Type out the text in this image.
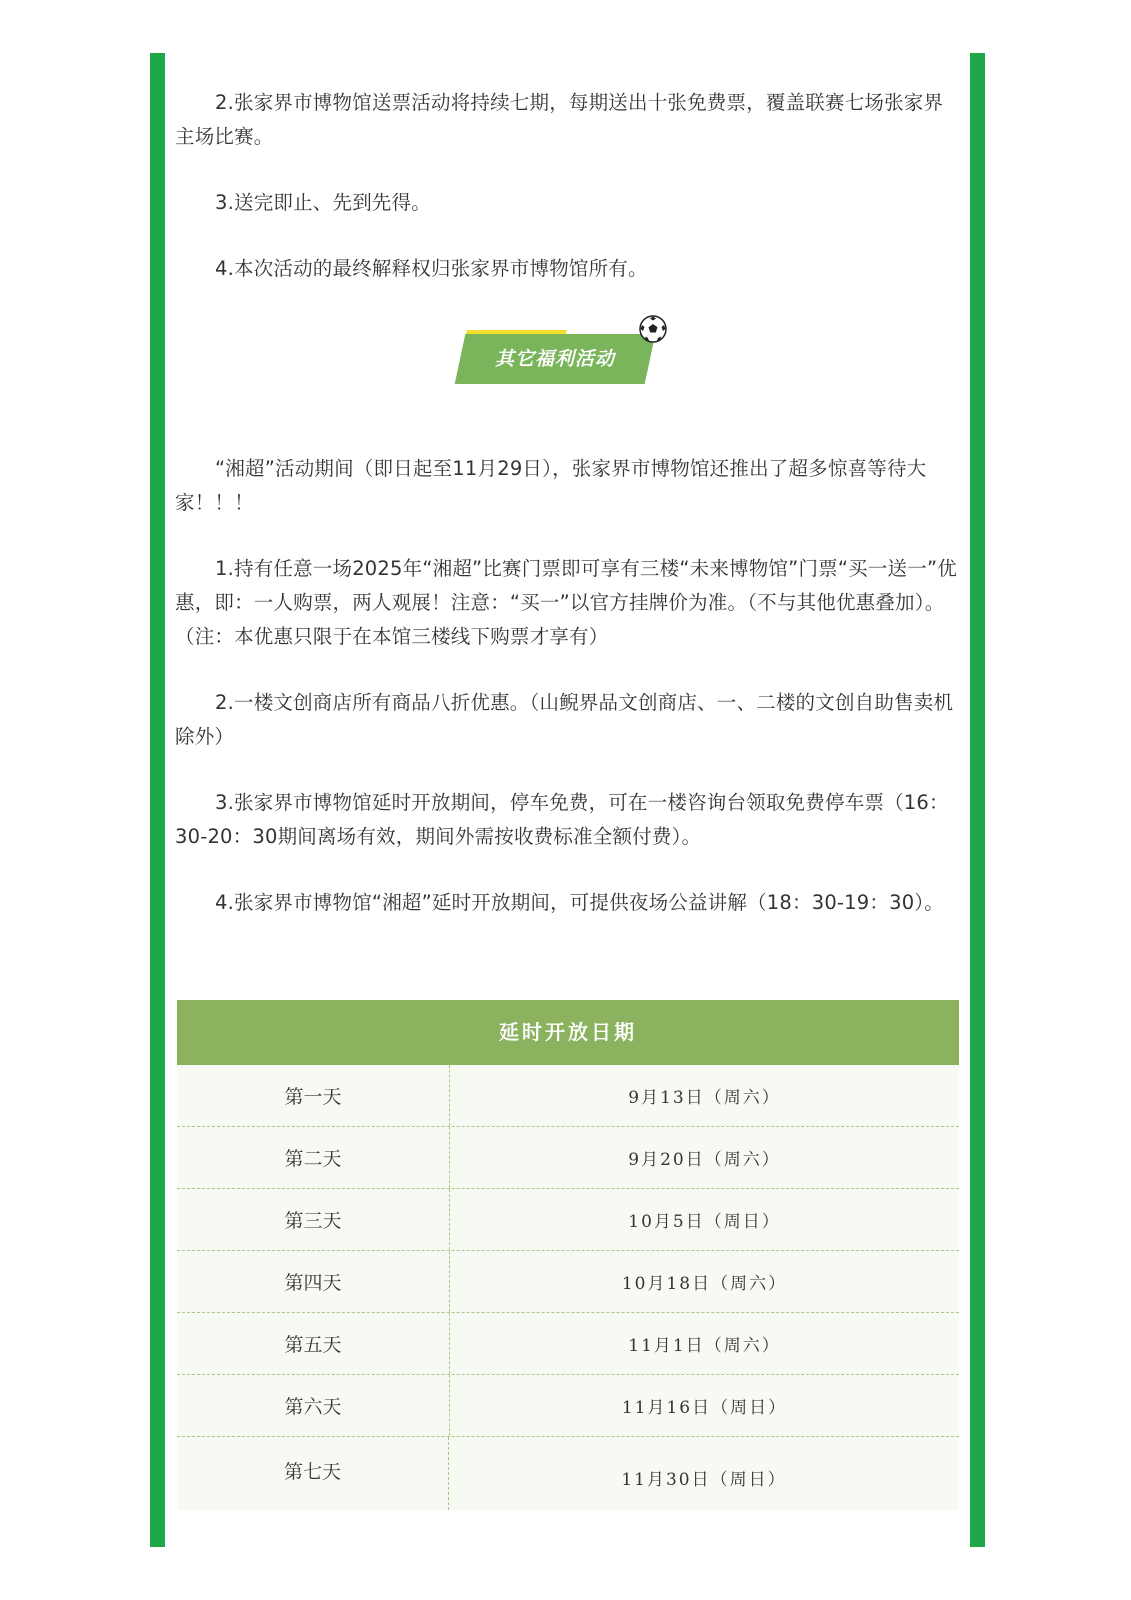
2.张家界市博物馆送票活动将持续七期，每期送出十张免费票，覆盖联赛七场张家界主场比赛。

3.送完即止、先到先得。

4.本次活动的最终解释权归张家界市博物馆所有。

其它福利活动

“湘超”活动期间（即日起至11月29日），张家界市博物馆还推出了超多惊喜等待大家！！！

1.持有任意一场2025年“湘超”比赛门票即可享有三楼“未来博物馆”门票“买一送一”优惠，即：一人购票，两人观展！注意：“买一”以官方挂牌价为准。（不与其他优惠叠加）。（注：本优惠只限于在本馆三楼线下购票才享有）

2.一楼文创商店所有商品八折优惠。（山鲵界品文创商店、一、二楼的文创自助售卖机除外）

3.张家界市博物馆延时开放期间，停车免费，可在一楼咨询台领取免费停车票（16：30-20：30期间离场有效，期间外需按收费标准全额付费）。

4.张家界市博物馆“湘超”延时开放期间，可提供夜场公益讲解（18：30-19：30）。

延时开放日期
第一天	9月13日（周六）
第二天	9月20日（周六）
第三天	10月5日（周日）
第四天	10月18日（周六）
第五天	11月1日（周六）
第六天	11月16日（周日）
第七天	11月30日（周日）
